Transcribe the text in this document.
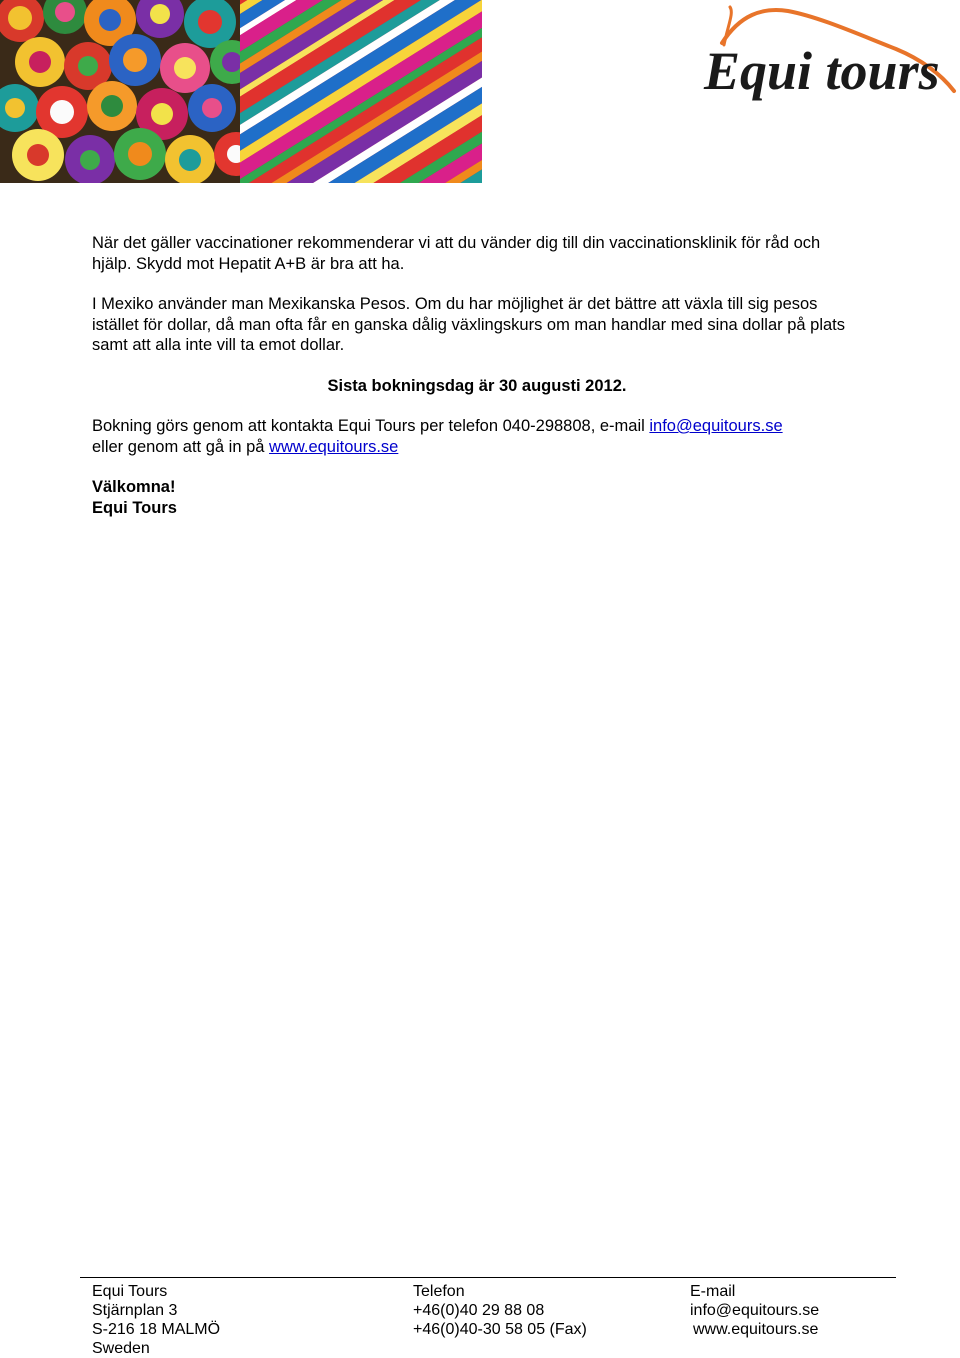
Equi tours

När det gäller vaccinationer rekommenderar vi att du vänder dig till din vaccinationsklinik för råd och hjälp. Skydd mot Hepatit A+B är bra att ha.

I Mexiko använder man Mexikanska Pesos. Om du har möjlighet är det bättre att växla till sig pesos istället för dollar, då man ofta får en ganska dålig växlingskurs om man handlar med sina dollar på plats samt att alla inte vill ta emot dollar.

Sista bokningsdag är 30 augusti 2012.

Bokning görs genom att kontakta Equi Tours per telefon 040-298808, e-mail info@equitours.se
eller genom att gå in på www.equitours.se

Välkomna!
Equi Tours

Equi Tours
Stjärnplan 3
S-216 18 MALMÖ
Sweden
Telefon
+46(0)40 29 88 08
+46(0)40-30 58 05 (Fax)
E-mail
info@equitours.se
www.equitours.se
